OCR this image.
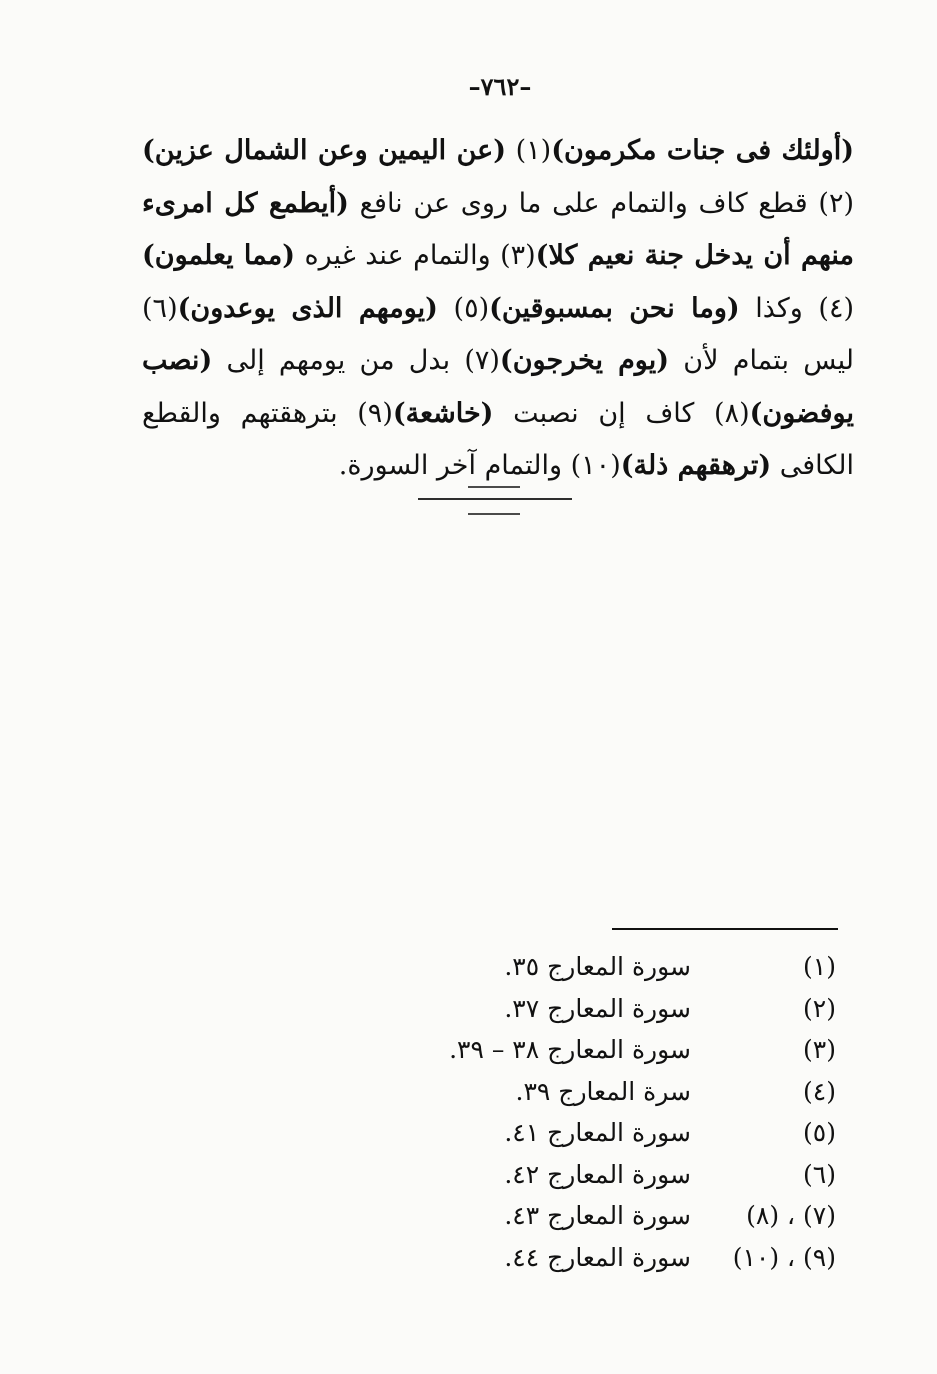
–٧٦٢–
(أولئك فى جنات مكرمون)(١) (عن اليمين وعن الشمال عزين)(٢) قطع كاف والتمام على ما روى عن نافع (أيطمع كل امرىء منهم أن يدخل جنة نعيم كلا)(٣) والتمام عند غيره (مما يعلمون)(٤) وكذا (وما نحن بمسبوقين)(٥) (يومهم الذى يوعدون)(٦) ليس بتمام لأن (يوم يخرجون)(٧) بدل من يومهم إلى (نصب يوفضون)(٨) كاف إن نصبت (خاشعة)(٩) بترهقتهم والقطع الكافى (ترهقهم ذلة)(١٠) والتمام آخر السورة.
(١)سورة المعارج ٣٥.
(٢)سورة المعارج ٣٧.
(٣)سورة المعارج ٣٨ – ٣٩.
(٤)سرة المعارج ٣٩.
(٥)سورة المعارج ٤١.
(٦)سورة المعارج ٤٢.
(٧) ، (٨)سورة المعارج ٤٣.
(٩) ، (١٠)سورة المعارج ٤٤.
